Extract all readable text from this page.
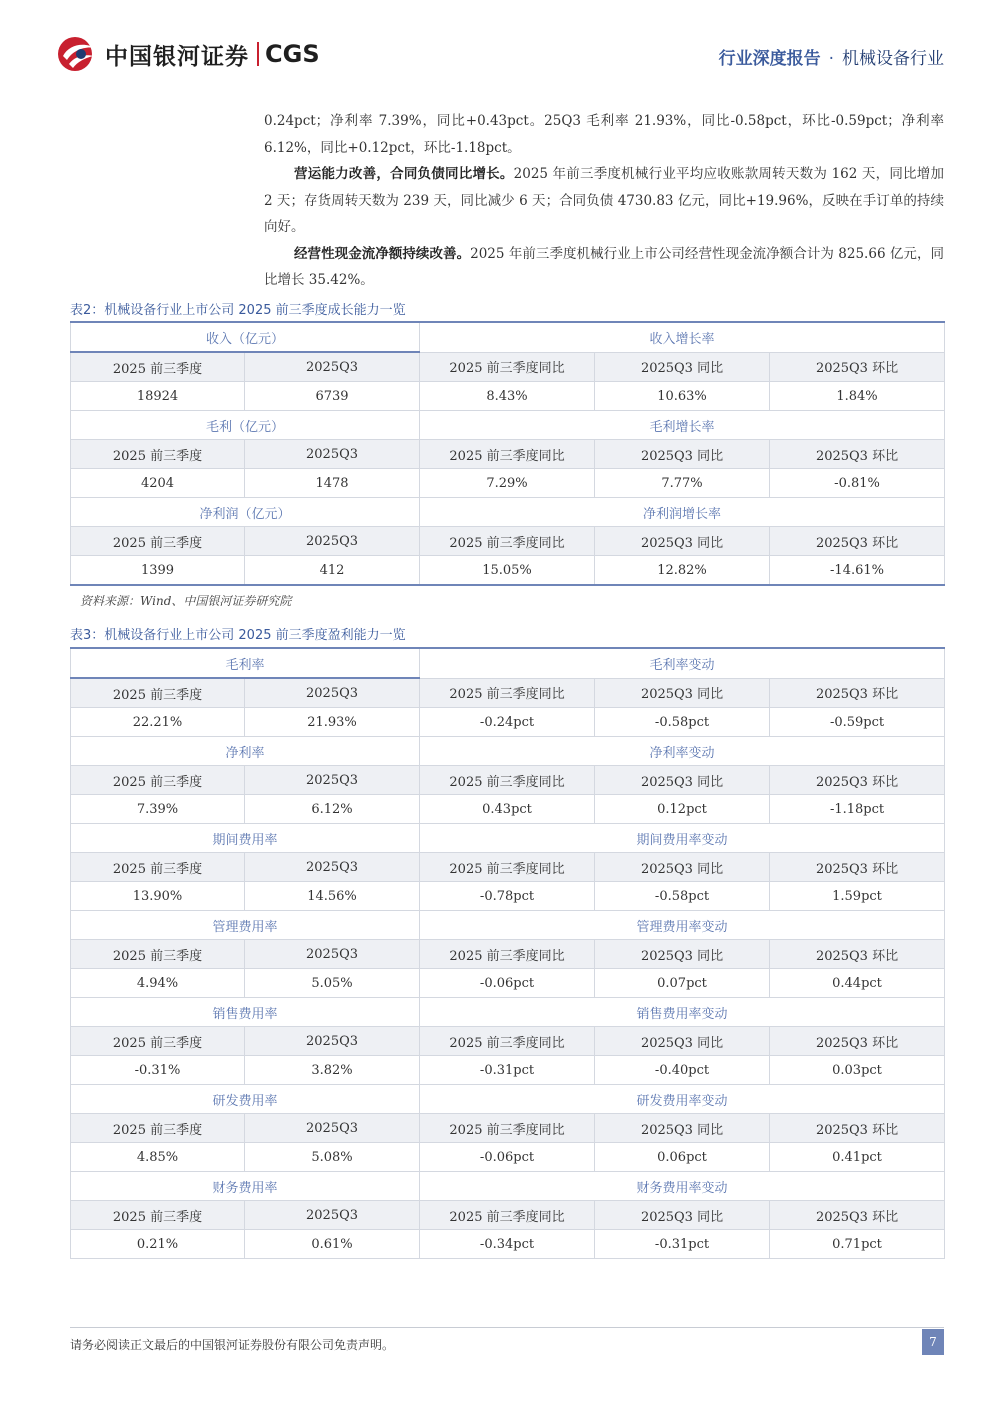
中国银河证券 CGS	行业深度报告 · 机械设备行业

0.24pct；净利率 7.39%，同比+0.43pct。25Q3 毛利率 21.93%，同比-0.58pct，环比-0.59pct；净利率 6.12%，同比+0.12pct，环比-1.18pct。

营运能力改善，合同负债同比增长。2025 年前三季度机械行业平均应收账款周转天数为 162 天，同比增加 2 天；存货周转天数为 239 天，同比减少 6 天；合同负债 4730.83 亿元，同比+19.96%，反映在手订单的持续向好。

经营性现金流净额持续改善。2025 年前三季度机械行业上市公司经营性现金流净额合计为 825.66 亿元，同比增长 35.42%。

表2：机械设备行业上市公司 2025 前三季度成长能力一览
收入（亿元）		收入增长率		
2025 前三季度	2025Q3	2025 前三季度同比	2025Q3 同比	2025Q3 环比
18924	6739	8.43%	10.63%	1.84%
毛利（亿元）		毛利增长率		
2025 前三季度	2025Q3	2025 前三季度同比	2025Q3 同比	2025Q3 环比
4204	1478	7.29%	7.77%	-0.81%
净利润（亿元）		净利润增长率		
2025 前三季度	2025Q3	2025 前三季度同比	2025Q3 同比	2025Q3 环比
1399	412	15.05%	12.82%	-14.61%
资料来源：Wind、中国银河证券研究院
表3：机械设备行业上市公司 2025 前三季度盈利能力一览
毛利率		毛利率变动		
2025 前三季度	2025Q3	2025 前三季度同比	2025Q3 同比	2025Q3 环比
22.21%	21.93%	-0.24pct	-0.58pct	-0.59pct
净利率		净利率变动		
2025 前三季度	2025Q3	2025 前三季度同比	2025Q3 同比	2025Q3 环比
7.39%	6.12%	0.43pct	0.12pct	-1.18pct
期间费用率		期间费用率变动		
2025 前三季度	2025Q3	2025 前三季度同比	2025Q3 同比	2025Q3 环比
13.90%	14.56%	-0.78pct	-0.58pct	1.59pct
管理费用率		管理费用率变动		
2025 前三季度	2025Q3	2025 前三季度同比	2025Q3 同比	2025Q3 环比
4.94%	5.05%	-0.06pct	0.07pct	0.44pct
销售费用率		销售费用率变动		
2025 前三季度	2025Q3	2025 前三季度同比	2025Q3 同比	2025Q3 环比
-0.31%	3.82%	-0.31pct	-0.40pct	0.03pct
研发费用率		研发费用率变动		
2025 前三季度	2025Q3	2025 前三季度同比	2025Q3 同比	2025Q3 环比
4.85%	5.08%	-0.06pct	0.06pct	0.41pct
财务费用率		财务费用率变动		
2025 前三季度	2025Q3	2025 前三季度同比	2025Q3 同比	2025Q3 环比
0.21%	0.61%	-0.34pct	-0.31pct	0.71pct
请务必阅读正文最后的中国银河证券股份有限公司免责声明。	7
